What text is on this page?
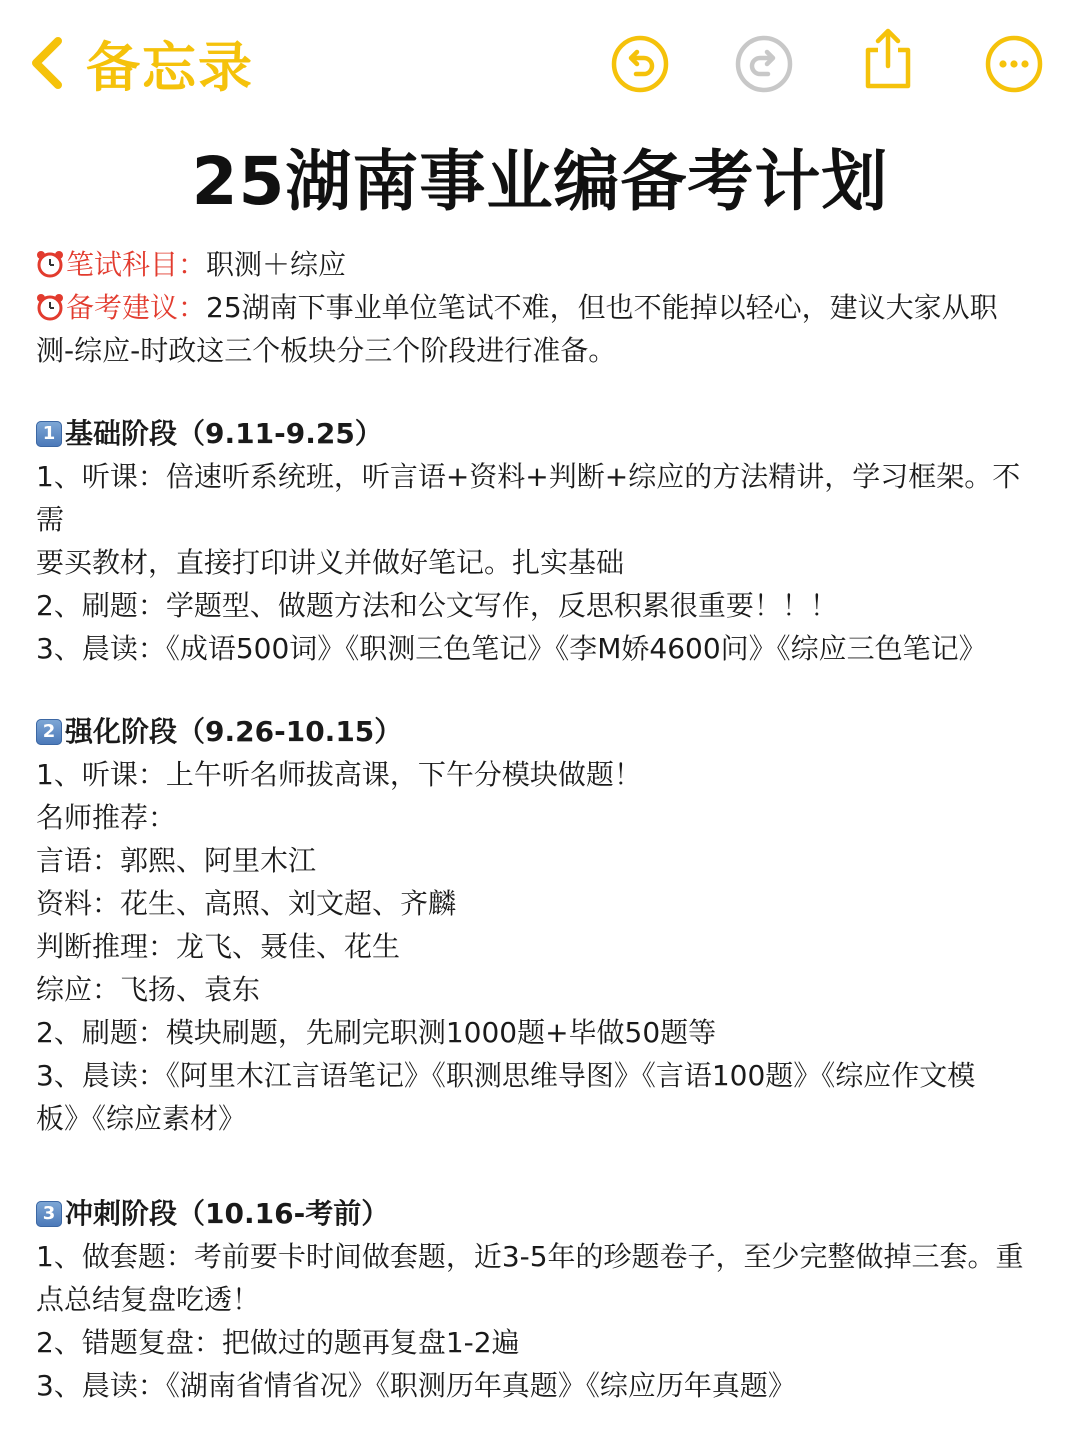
备忘录
25湖南事业编备考计划
笔试科目：职测＋综应
备考建议：25湖南下事业单位笔试不难，但也不能掉以轻心，建议大家从职
测-综应-时政这三个板块分三个阶段进行准备。
1 基础阶段 （9.11-9.25）
1、听课：倍速听系统班，听言语+资料+判断+综应的方法精讲，学习框架。不需
要买教材，直接打印讲义并做好笔记。扎实基础
2、刷题：学题型、做题方法和公文写作，反思积累很重要！！！
3、晨读：《成语500词》《职测三色笔记》《李M娇4600问》《综应三色笔记》
2 强化阶段 （9.26-10.15）
1、听课：上午听名师拔高课，下午分模块做题！
名师推荐：
言语：郭熙、阿里木江
资料：花生、高照、刘文超、齐麟
判断推理：龙飞、聂佳、花生
综应：飞扬、袁东
2、刷题：模块刷题，先刷完职测1000题+毕做50题等
3、晨读：《阿里木江言语笔记》《职测思维导图》《言语100题》《综应作文模
板》《综应素材》
3 冲刺阶段 （10.16-考前）
1、做套题：考前要卡时间做套题，近3-5年的珍题卷子，至少完整做掉三套。重
点总结复盘吃透！
2、错题复盘：把做过的题再复盘1-2遍
3、晨读：《湖南省情省况》《职测历年真题》《综应历年真题》
